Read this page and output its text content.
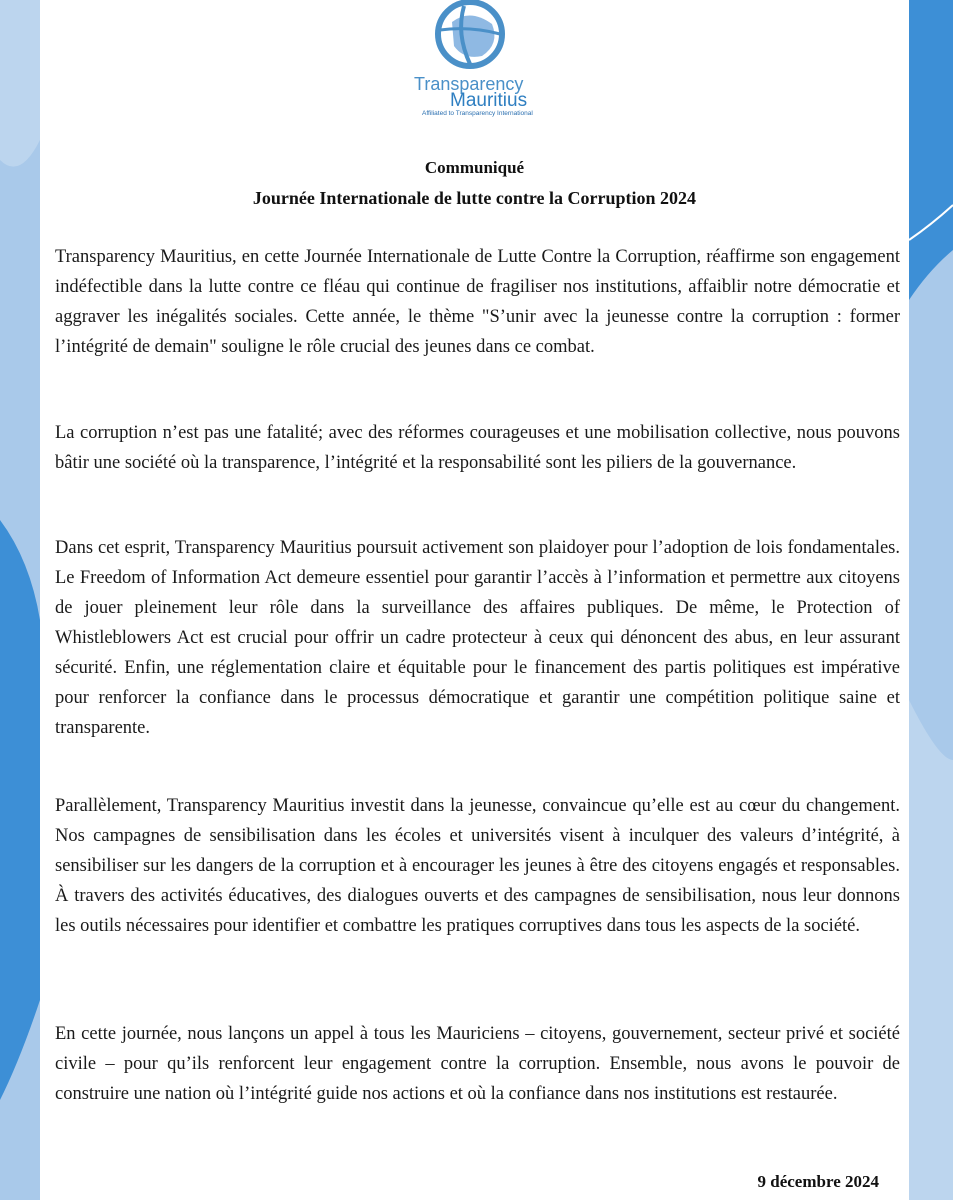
Transparency
Mauritius
Affiliated to Transparency International
Communiqué
Journée Internationale de lutte contre la Corruption 2024

Transparency Mauritius, en cette Journée Internationale de Lutte Contre la Corruption, réaffirme son engagement indéfectible dans la lutte contre ce fléau qui continue de fragiliser nos institutions, affaiblir notre démocratie et aggraver les inégalités sociales. Cette année, le thème "S’unir avec la jeunesse contre la corruption : former l’intégrité de demain" souligne le rôle crucial des jeunes dans ce combat.

La corruption n’est pas une fatalité; avec des réformes courageuses et une mobilisation collective, nous pouvons bâtir une société où la transparence, l’intégrité et la responsabilité sont les piliers de la gouvernance.

Dans cet esprit, Transparency Mauritius poursuit activement son plaidoyer pour l’adoption de lois fondamentales. Le Freedom of Information Act demeure essentiel pour garantir l’accès à l’information et permettre aux citoyens de jouer pleinement leur rôle dans la surveillance des affaires publiques. De même, le Protection of Whistleblowers Act est crucial pour offrir un cadre protecteur à ceux qui dénoncent des abus, en leur assurant sécurité. Enfin, une réglementation claire et équitable pour le financement des partis politiques est impérative pour renforcer la confiance dans le processus démocratique et garantir une compétition politique saine et transparente.

Parallèlement, Transparency Mauritius investit dans la jeunesse, convaincue qu’elle est au cœur du changement. Nos campagnes de sensibilisation dans les écoles et universités visent à inculquer des valeurs d’intégrité, à sensibiliser sur les dangers de la corruption et à encourager les jeunes à être des citoyens engagés et responsables. À travers des activités éducatives, des dialogues ouverts et des campagnes de sensibilisation, nous leur donnons les outils nécessaires pour identifier et combattre les pratiques corruptives dans tous les aspects de la société.

En cette journée, nous lançons un appel à tous les Mauriciens – citoyens, gouvernement, secteur privé et société civile – pour qu’ils renforcent leur engagement contre la corruption. Ensemble, nous avons le pouvoir de construire une nation où l’intégrité guide nos actions et où la confiance dans nos institutions est restaurée.

9 décembre 2024
